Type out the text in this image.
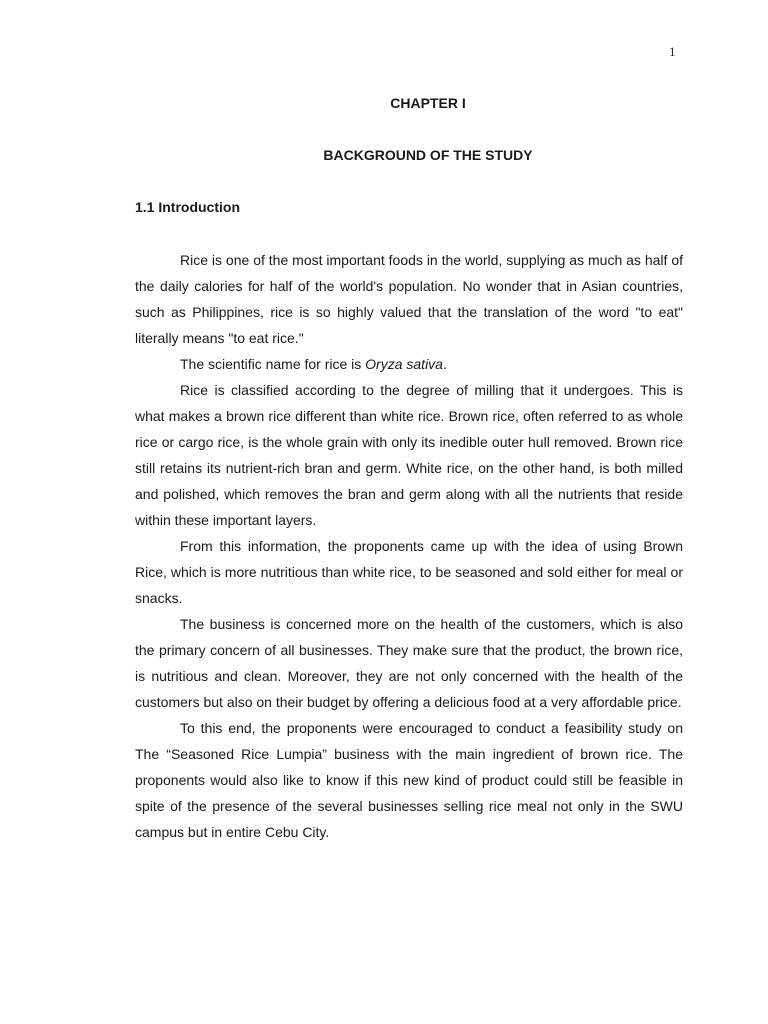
1
CHAPTER I
BACKGROUND OF THE STUDY
1.1 Introduction

Rice is one of the most important foods in the world, supplying as much as half of the daily calories for half of the world's population. No wonder that in Asian countries, such as Philippines, rice is so highly valued that the translation of the word "to eat" literally means "to eat rice."

The scientific name for rice is Oryza sativa.

Rice is classified according to the degree of milling that it undergoes. This is what makes a brown rice different than white rice. Brown rice, often referred to as whole rice or cargo rice, is the whole grain with only its inedible outer hull removed. Brown rice still retains its nutrient-rich bran and germ. White rice, on the other hand, is both milled and polished, which removes the bran and germ along with all the nutrients that reside within these important layers.

From this information, the proponents came up with the idea of using Brown Rice, which is more nutritious than white rice, to be seasoned and sold either for meal or snacks.

The business is concerned more on the health of the customers, which is also the primary concern of all businesses. They make sure that the product, the brown rice, is nutritious and clean. Moreover, they are not only concerned with the health of the customers but also on their budget by offering a delicious food at a very affordable price.

To this end, the proponents were encouraged to conduct a feasibility study on The “Seasoned Rice Lumpia” business with the main ingredient of brown rice. The proponents would also like to know if this new kind of product could still be feasible in spite of the presence of the several businesses selling rice meal not only in the SWU campus but in entire Cebu City.
